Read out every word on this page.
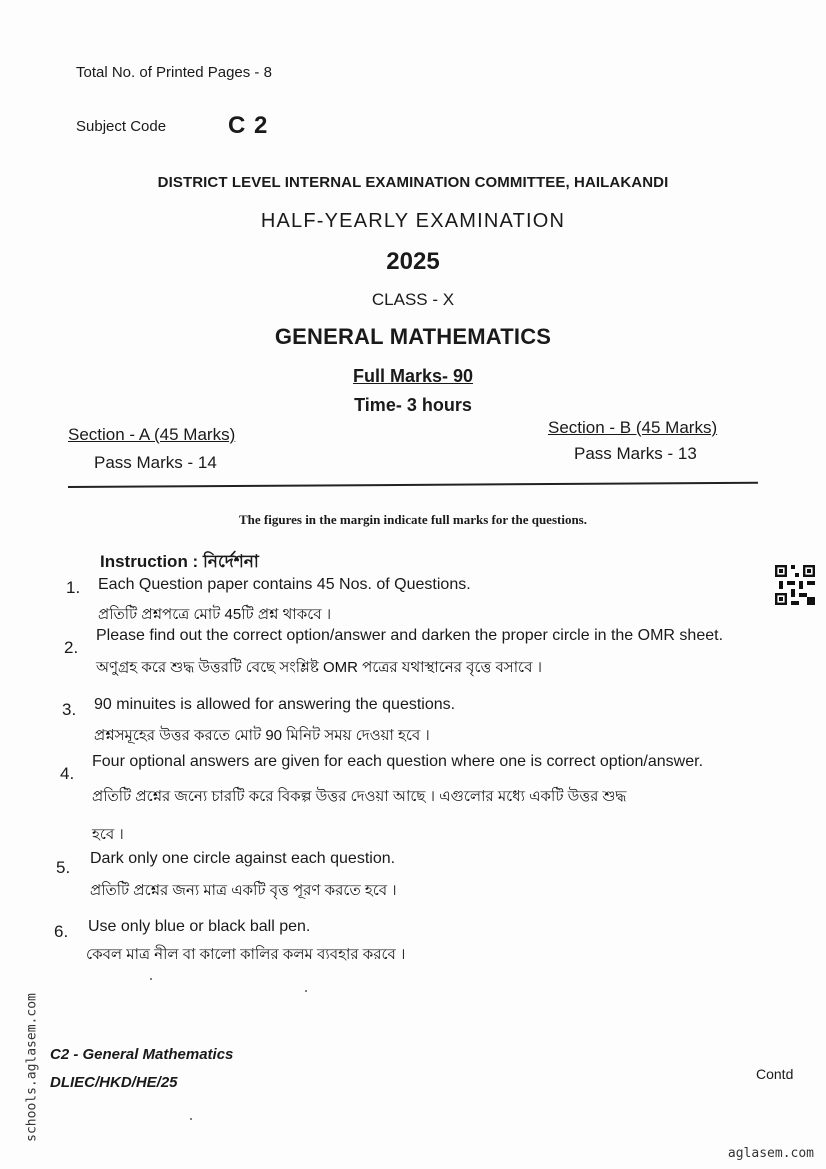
Total No. of Printed Pages - 8
Subject Code	C 2
DISTRICT LEVEL INTERNAL EXAMINATION COMMITTEE, HAILAKANDI
HALF-YEARLY EXAMINATION
2025
CLASS - X
GENERAL MATHEMATICS
Full Marks- 90
Time- 3 hours
Section - A (45 Marks)
Pass Marks - 14
Section - B (45 Marks)
Pass Marks - 13
The figures in the margin indicate full marks for the questions.
Instruction : নির্দেশনা
1. Each Question paper contains 45 Nos. of Questions.
প্রতিটি প্রশ্নপত্রে মোট 45টি প্রশ্ন থাকবে ।
2.
Please find out the correct option/answer and darken the proper circle in the OMR sheet.
অণুগ্রহ করে শুদ্ধ উত্তরটি বেছে সংশ্লিষ্ট OMR পত্রের যথাস্থানের বৃত্তে বসাবে ।
3. 90 minuites is allowed for answering the questions.
প্রশ্নসমূহের উত্তর করতে মোট 90 মিনিট সময় দেওয়া হবে ।
4.
Four optional answers are given for each question where one is correct option/answer.
প্রতিটি প্রশ্নের জন্যে চারটি করে বিকল্প উত্তর দেওয়া আছে । এগুলোর মধ্যে একটি উত্তর শুদ্ধ
হবে ।
5. Dark only one circle against each question.
প্রতিটি প্রশ্নের জন্য মাত্র একটি বৃত্ত পূরণ করতে হবে ।
6. Use only blue or black ball pen.
কেবল মাত্র নীল বা কালো কালির কলম ব্যবহার করবে ।
C2 - General Mathematics
DLIEC/HKD/HE/25	Contd
schools.aglasem.com
aglasem.com
